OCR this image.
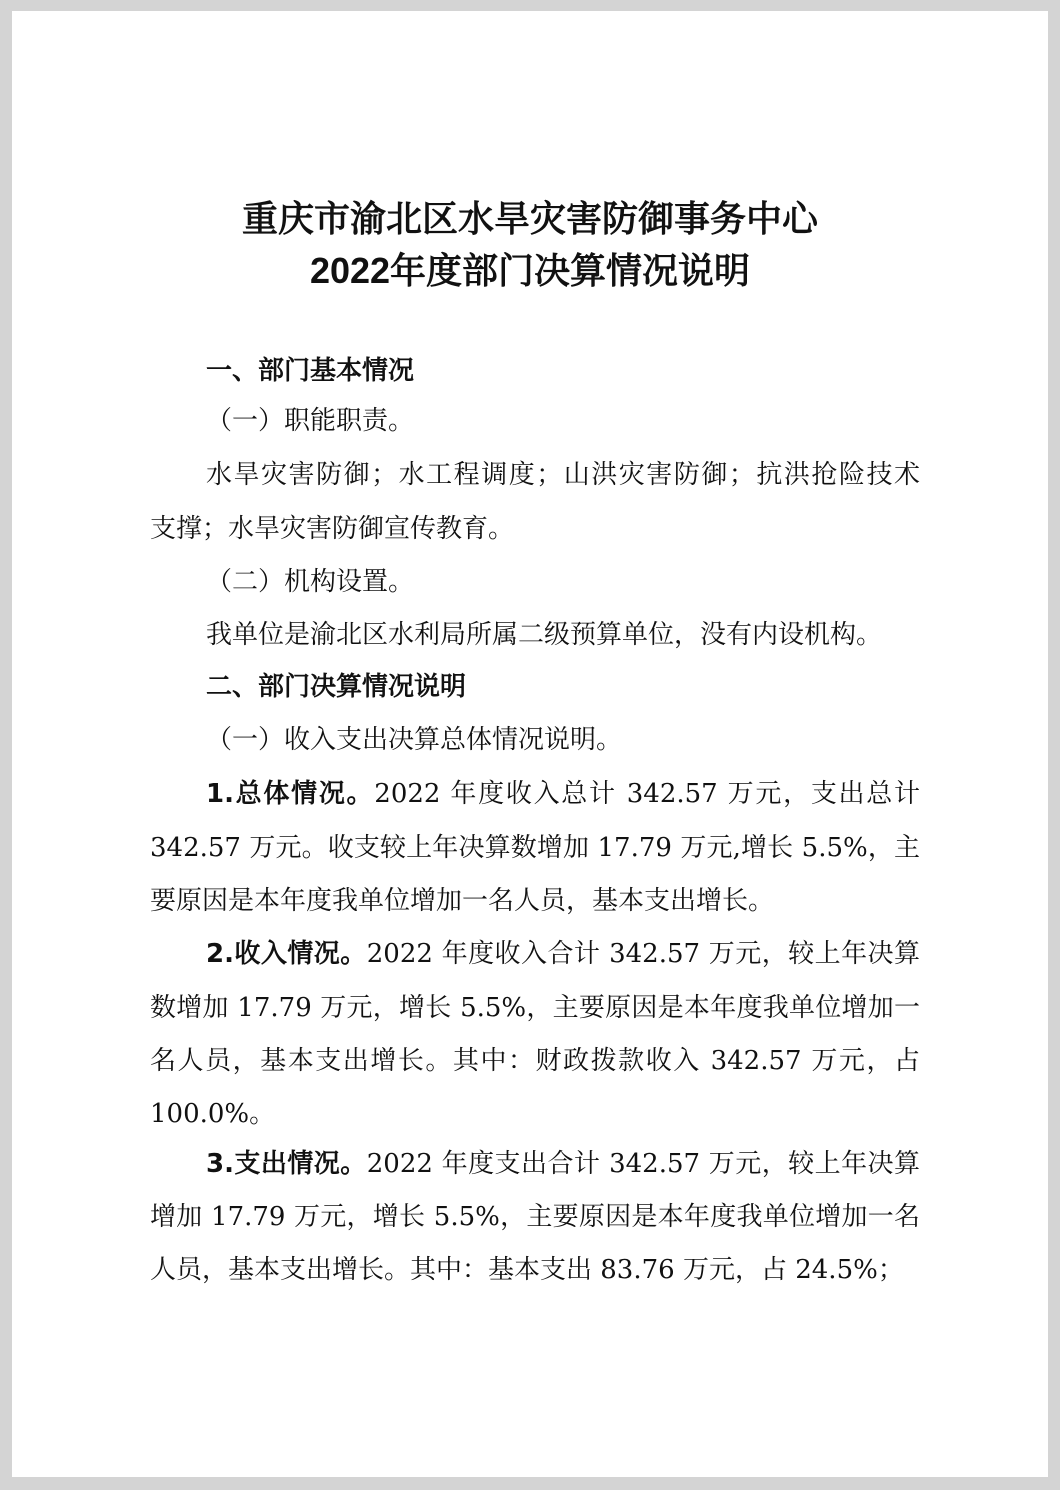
重庆市渝北区水旱灾害防御事务中心
2022年度部门决算情况说明
一、部门基本情况
（一）职能职责。
水旱灾害防御；水工程调度；山洪灾害防御；抗洪抢险技术
支撑；水旱灾害防御宣传教育。
（二）机构设置。
我单位是渝北区水利局所属二级预算单位，没有内设机构。
二、部门决算情况说明
（一）收入支出决算总体情况说明。
1.总体情况。2022 年度收入总计 342.57 万元，支出总计
342.57 万元。收支较上年决算数增加 17.79 万元,增长 5.5%，主
要原因是本年度我单位增加一名人员，基本支出增长。
2.收入情况。2022 年度收入合计 342.57 万元，较上年决算
数增加 17.79 万元，增长 5.5%，主要原因是本年度我单位增加一
名人员，基本支出增长。其中：财政拨款收入 342.57 万元，占
100.0%。
3.支出情况。2022 年度支出合计 342.57 万元，较上年决算
增加 17.79 万元，增长 5.5%，主要原因是本年度我单位增加一名
人员，基本支出增长。其中：基本支出 83.76 万元，占 24.5%；
